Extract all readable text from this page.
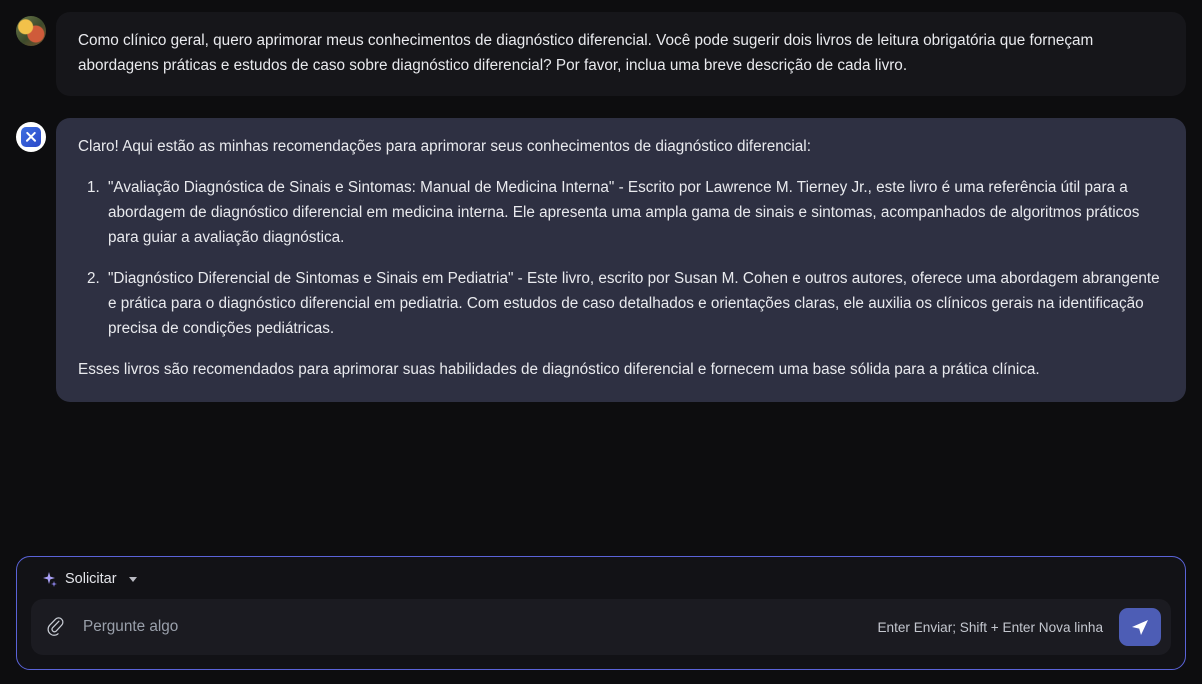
Como clínico geral, quero aprimorar meus conhecimentos de diagnóstico diferencial. Você pode sugerir dois livros de leitura obrigatória que forneçam abordagens práticas e estudos de caso sobre diagnóstico diferencial? Por favor, inclua uma breve descrição de cada livro.

Claro! Aqui estão as minhas recomendações para aprimorar seus conhecimentos de diagnóstico diferencial:

1. "Avaliação Diagnóstica de Sinais e Sintomas: Manual de Medicina Interna" - Escrito por Lawrence M. Tierney Jr., este livro é uma referência útil para a abordagem de diagnóstico diferencial em medicina interna. Ele apresenta uma ampla gama de sinais e sintomas, acompanhados de algoritmos práticos para guiar a avaliação diagnóstica.
2. "Diagnóstico Diferencial de Sintomas e Sinais em Pediatria" - Este livro, escrito por Susan M. Cohen e outros autores, oferece uma abordagem abrangente e prática para o diagnóstico diferencial em pediatria. Com estudos de caso detalhados e orientações claras, ele auxilia os clínicos gerais na identificação precisa de condições pediátricas.

Esses livros são recomendados para aprimorar suas habilidades de diagnóstico diferencial e fornecem uma base sólida para a prática clínica.

Solicitar
Pergunte algo
Enter Enviar; Shift + Enter Nova linha
